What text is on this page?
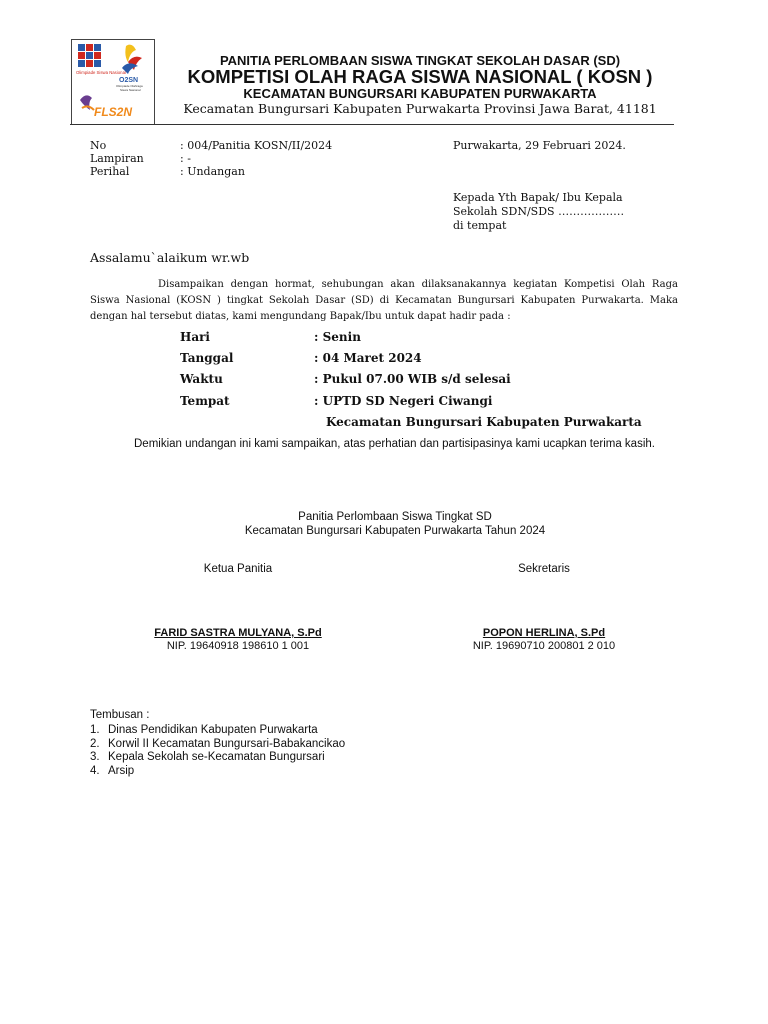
Olimpiade Siswa Nasional
O2SN
Olimpiade Olahraga
Siswa Nasional
FLS2N
PANITIA PERLOMBAAN SISWA TINGKAT SEKOLAH DASAR (SD)
KOMPETISI OLAH RAGA SISWA NASIONAL ( KOSN )
KECAMATAN BUNGURSARI KABUPATEN PURWAKARTA
Kecamatan Bungursari Kabupaten Purwakarta Provinsi Jawa Barat, 41181
No	: 004/Panitia KOSN/II/2024
Lampiran	: -
Perihal	: Undangan
Purwakarta, 29 Februari 2024.
Kepada Yth Bapak/ Ibu Kepala
Sekolah SDN/SDS ………………
di tempat
Assalamu`alaikum wr.wb
Disampaikan dengan hormat, sehubungan akan dilaksanakannya kegiatan Kompetisi Olah Raga Siswa Nasional (KOSN ) tingkat Sekolah Dasar (SD) di Kecamatan Bungursari Kabupaten Purwakarta. Maka dengan hal tersebut diatas, kami mengundang Bapak/Ibu untuk dapat hadir pada :
Hari	: Senin
Tanggal	: 04 Maret 2024
Waktu	: Pukul 07.00 WIB s/d selesai
Tempat	: UPTD SD Negeri Ciwangi
Kecamatan Bungursari Kabupaten Purwakarta
Demikian undangan ini kami sampaikan, atas perhatian dan partisipasinya kami ucapkan terima kasih.
Panitia Perlombaan Siswa Tingkat SD
Kecamatan Bungursari Kabupaten Purwakarta Tahun 2024
Ketua Panitia	Sekretaris
FARID SASTRA MULYANA, S.Pd
NIP. 19640918 198610 1 001
POPON HERLINA, S.Pd
NIP. 19690710 200801 2 010
Tembusan :
1. Dinas Pendidikan Kabupaten Purwakarta
2. Korwil II Kecamatan Bungursari-Babakancikao
3. Kepala Sekolah se-Kecamatan Bungursari
4. Arsip
